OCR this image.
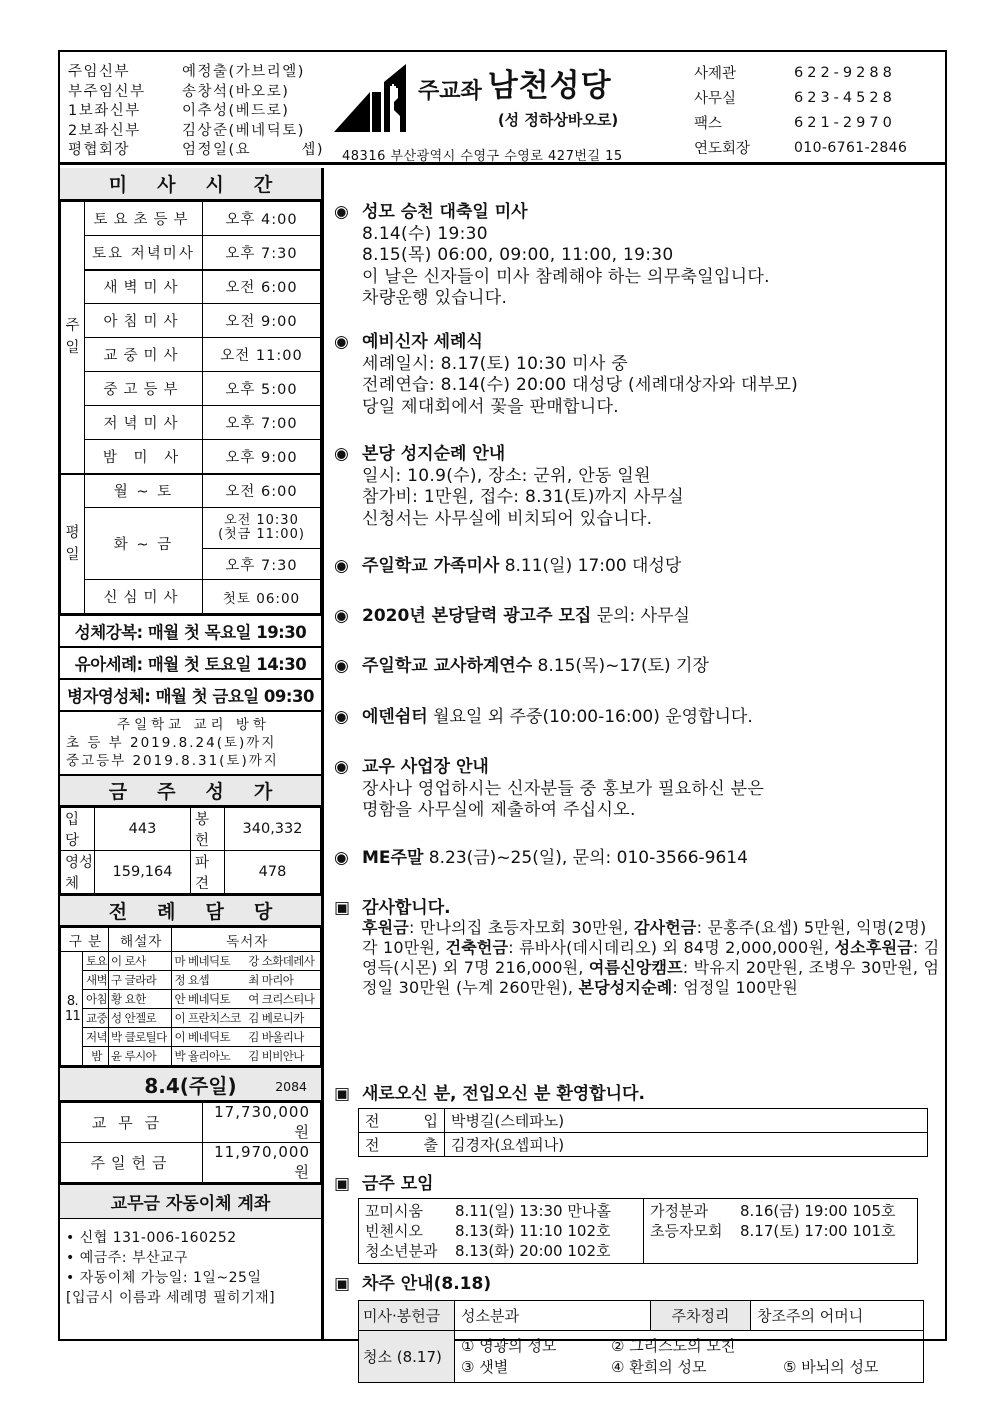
주임신부	예정출(가브리엘)
부주임신부	송창석(바오로)
1보좌신부	이추성(베드로)
2보좌신부	김상준(베네딕토)
평협회장	엄정일(요 셉)
주교좌 남천성당
(성 정하상바오로)
48316 부산광역시 수영구 수영로 427번길 15
사제관	622-9288
사무실	623-4528
팩스	621-2970
연도회장	010-6761-2846
미사시간
주
일	토요초등부	오후 4:00
	토요 저녁미사	오후 7:30
	새벽미사	오전 6:00
	아침미사	오전 9:00
	교중미사	오전 11:00
	중고등부	오후 5:00
	저녁미사	오후 7:00
	밤 미 사	오후 9:00
평
일	월 ~ 토	오전 6:00
	화 ~ 금	오전 10:30
(첫금 11:00)
		오후 7:30
	신심미사	첫토 06:00
성체강복: 매월 첫 목요일 19:30
유아세례: 매월 첫 토요일 14:30
병자영성체: 매월 첫 금요일 09:30
주일학교 교리 방학
초 등 부 2019.8.24(토)까지
중고등부 2019.8.31(토)까지
금주성가
입 당	443	봉 헌	340,332
영성체	159,164	파 견	478
전례담당
구 분		해설자	독서자	
8.
11	토요	이 로사	마 베네딕토	강 소화데레사
	새벽	구 글라라	정 요셉	최 마리아
	아침	황 요한	안 베네딕토	여 크리스티나
	교중	성 안젤로	이 프란치스코	김 베로니카
	저녁	박 클로틸다	이 베네딕토	김 바울리나
	밤	윤 루시아	박 율리아노	김 비비안나
8.4(주일)	2084
교무금	17,730,000원
주일헌금	11,970,000원
교무금 자동이체 계좌
• 신협 131-006-160252
• 예금주: 부산교구
• 자동이체 가능일: 1일~25일
[입금시 이름과 세례명 필히기재]
◉ 성모 승천 대축일 미사
8.14(수) 19:30
8.15(목) 06:00, 09:00, 11:00, 19:30
이 날은 신자들이 미사 참례해야 하는 의무축일입니다.
차량운행 있습니다.
◉ 예비신자 세례식
세례일시: 8.17(토) 10:30 미사 중
전례연습: 8.14(수) 20:00 대성당 (세례대상자와 대부모)
당일 제대회에서 꽃을 판매합니다.
◉ 본당 성지순례 안내
일시: 10.9(수), 장소: 군위, 안동 일원
참가비: 1만원, 접수: 8.31(토)까지 사무실
신청서는 사무실에 비치되어 있습니다.
◉ 주일학교 가족미사 8.11(일) 17:00 대성당
◉ 2020년 본당달력 광고주 모집 문의: 사무실
◉ 주일학교 교사하계연수 8.15(목)~17(토) 기장
◉ 에덴쉼터 월요일 외 주중(10:00-16:00) 운영합니다.
◉ 교우 사업장 안내
장사나 영업하시는 신자분들 중 홍보가 필요하신 분은
명함을 사무실에 제출하여 주십시오.
◉ ME주말 8.23(금)~25(일), 문의: 010-3566-9614
▣ 감사합니다.
후원금: 만나의집 초등자모회 30만원, 감사헌금: 문홍주(요셉) 5만원, 익명(2명) 각 10만원, 건축헌금: 류바사(데시데리오) 외 84명 2,000,000원, 성소후원금: 김영득(시몬) 외 7명 216,000원, 여름신앙캠프: 박유지 20만원, 조병우 30만원, 엄정일 30만원 (누계 260만원), 본당성지순례: 엄정일 100만원
▣ 새로오신 분, 전입오신 분 환영합니다.
전 입	박병길(스테파노)
전 출	김경자(요셉피나)
▣ 금주 모임
꼬미시움	8.11(일) 13:30 만나홀
빈첸시오	8.13(화) 11:10 102호
청소년분과	8.13(화) 20:00 102호
가정분과	8.16(금) 19:00 105호
초등자모회	8.17(토) 17:00 101호
▣ 차주 안내(8.18)
미사·봉헌금	성소분과	주차정리	창조주의 어머니
청소 (8.17)	① 영광의 성모 ② 그리스도의 모친
③ 샛별 ④ 환희의 성모 ⑤ 바뇌의 성모		
